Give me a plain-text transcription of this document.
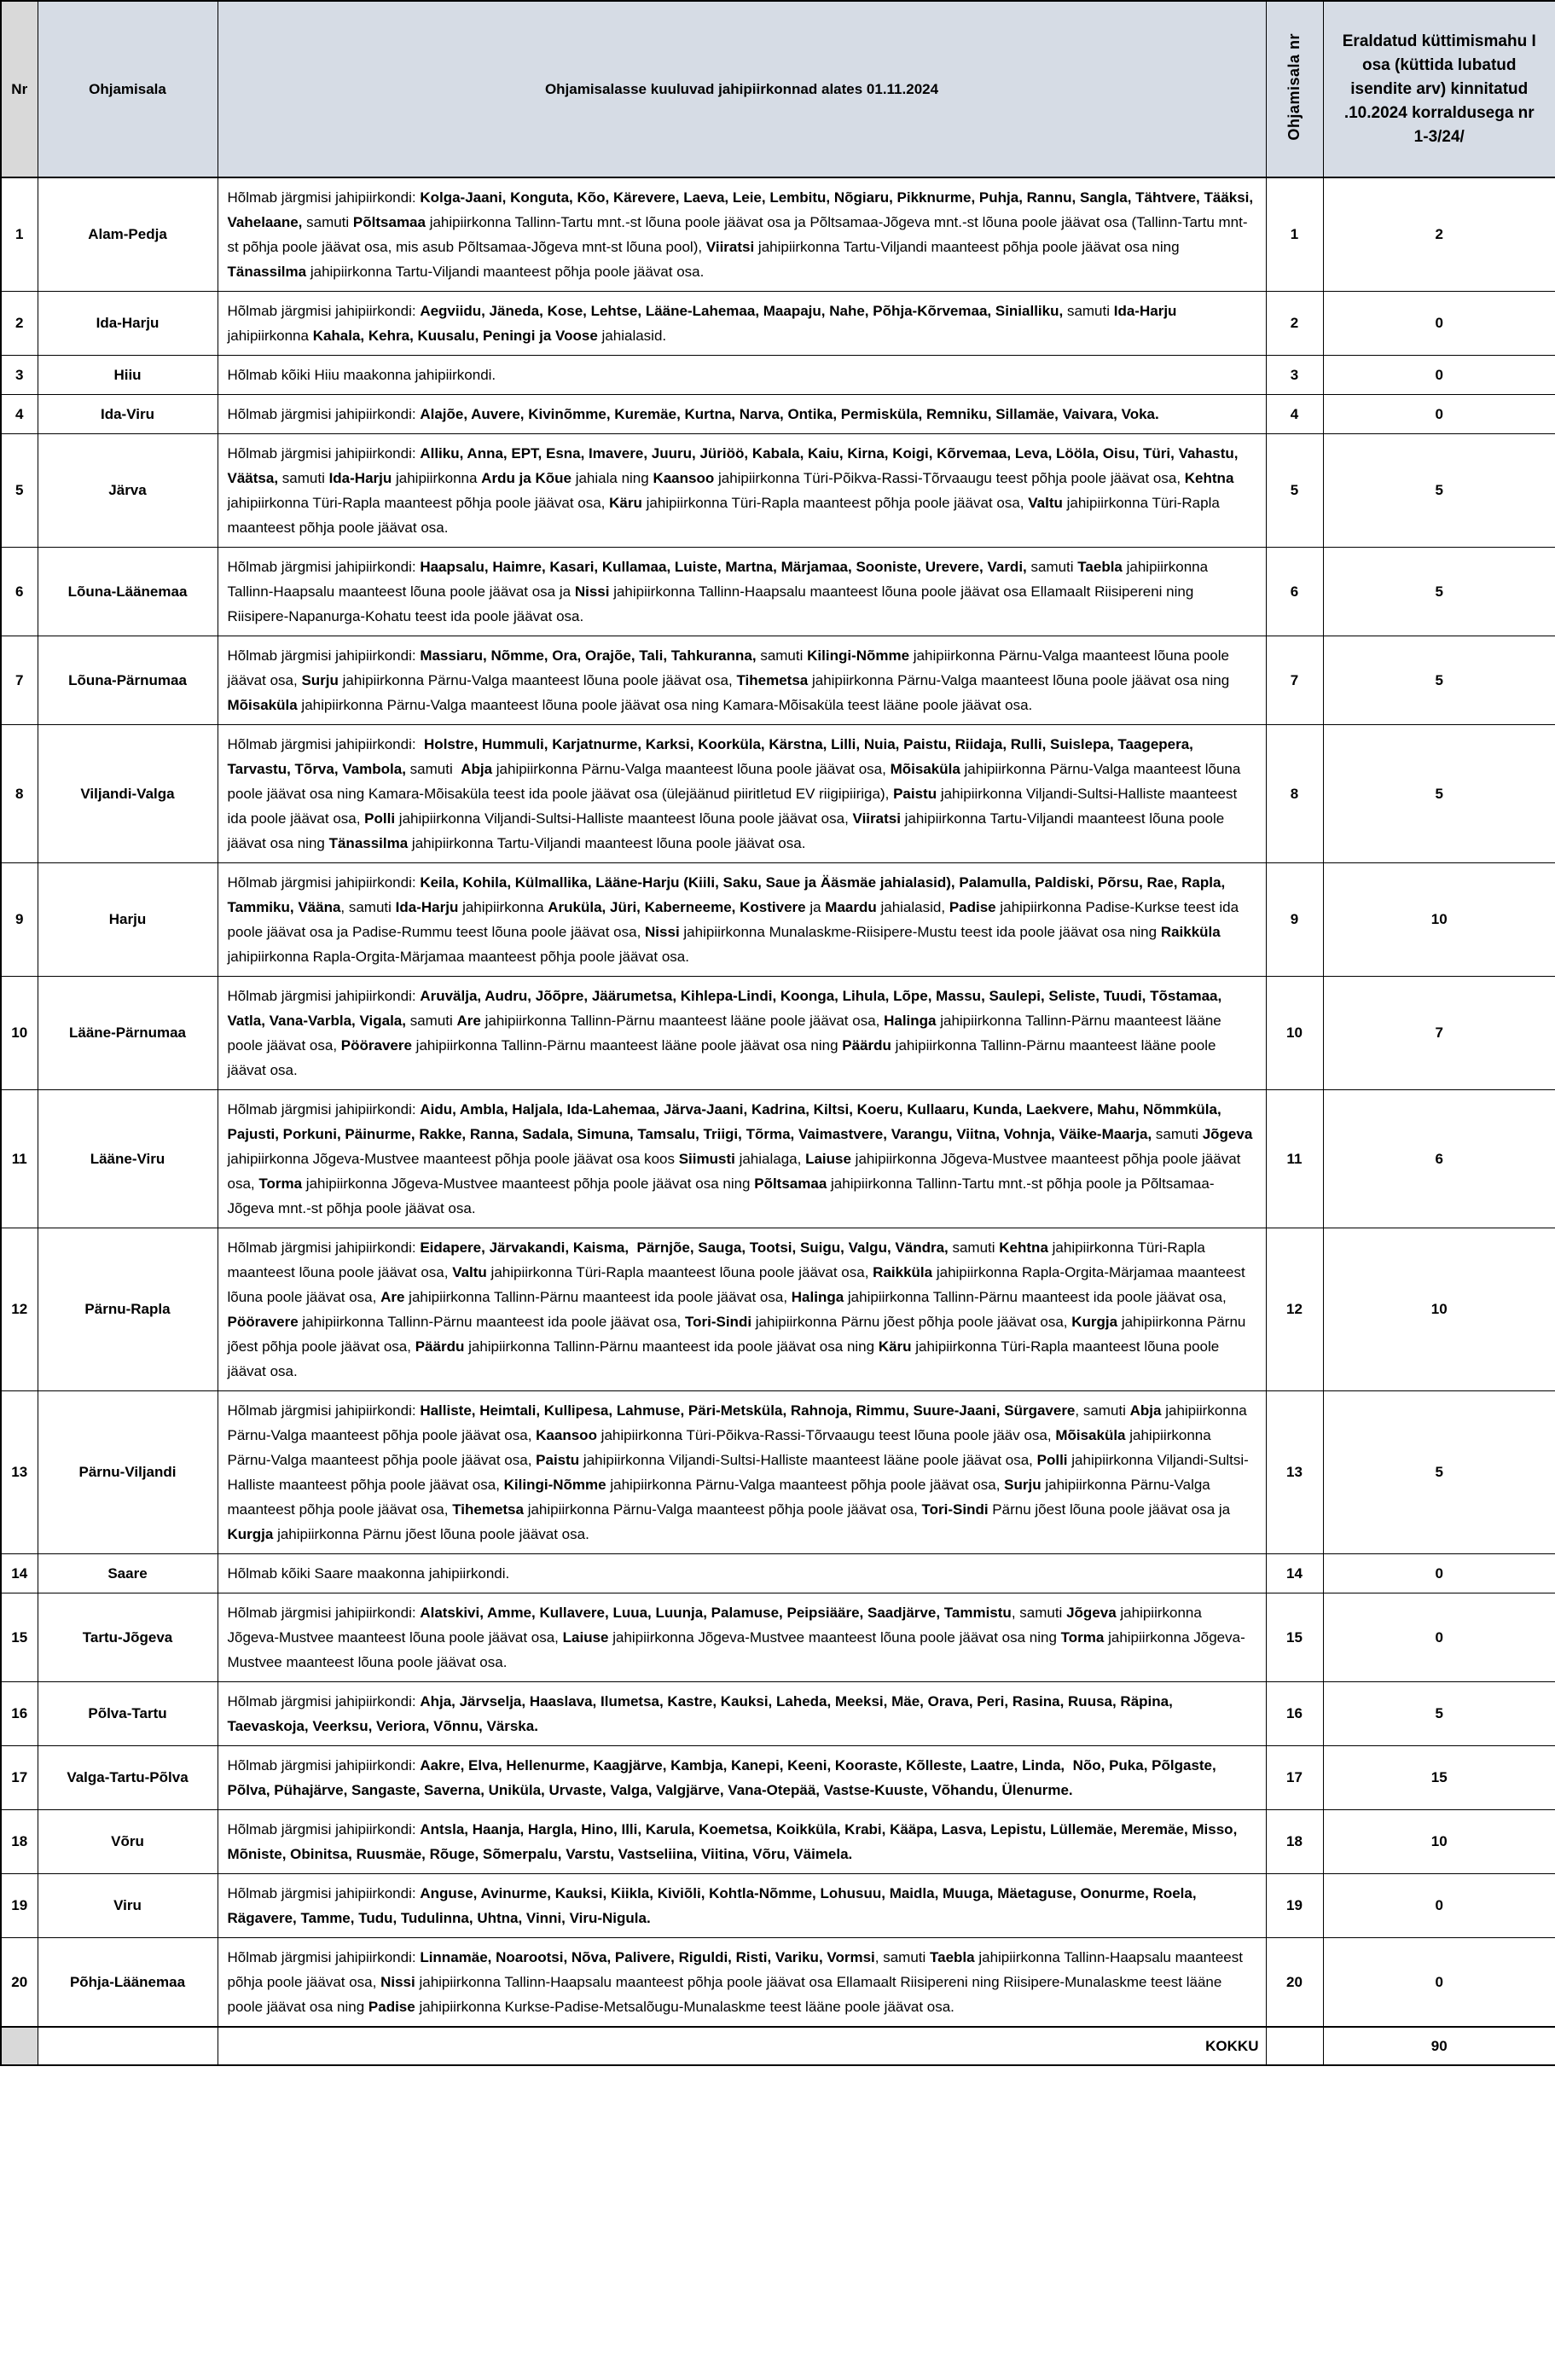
Nr	Ohjamisala	Ohjamisalasse kuuluvad jahipiirkonnad alates 01.11.2024	Ohjamisala nr	Eraldatud küttimismahu I osa (küttida lubatud isendite arv) kinnitatud .10.2024 korraldusega nr 1-3/24/
1	Alam-Pedja	Hõlmab järgmisi jahipiirkondi: Kolga-Jaani, Konguta, Kõo, Kärevere, Laeva, Leie, Lembitu, Nõgiaru, Pikknurme, Puhja, Rannu, Sangla, Tähtvere, Tääksi, Vahelaane, samuti Põltsamaa jahipiirkonna Tallinn-Tartu mnt.-st lõuna poole jäävat osa ja Põltsamaa-Jõgeva mnt.-st lõuna poole jäävat osa (Tallinn-Tartu mnt-st põhja poole jäävat osa, mis asub Põltsamaa-Jõgeva mnt-st lõuna pool), Viiratsi jahipiirkonna Tartu-Viljandi maanteest põhja poole jäävat osa ning Tänassilma jahipiirkonna Tartu-Viljandi maanteest põhja poole jäävat osa.	1	2
2	Ida-Harju	Hõlmab järgmisi jahipiirkondi: Aegviidu, Jäneda, Kose, Lehtse, Lääne-Lahemaa, Maapaju, Nahe, Põhja-Kõrvemaa, Sinialliku, samuti Ida-Harju jahipiirkonna Kahala, Kehra, Kuusalu, Peningi ja Voose jahialasid.	2	0
3	Hiiu	Hõlmab kõiki Hiiu maakonna jahipiirkondi.	3	0
4	Ida-Viru	Hõlmab järgmisi jahipiirkondi: Alajõe, Auvere, Kivinõmme, Kuremäe, Kurtna, Narva, Ontika, Permisküla, Remniku, Sillamäe, Vaivara, Voka.	4	0
5	Järva	Hõlmab järgmisi jahipiirkondi: Alliku, Anna, EPT, Esna, Imavere, Juuru, Jüriöö, Kabala, Kaiu, Kirna, Koigi, Kõrvemaa, Leva, Lööla, Oisu, Türi, Vahastu, Väätsa, samuti Ida-Harju jahipiirkonna Ardu ja Kõue jahiala ning Kaansoo jahipiirkonna Türi-Põikva-Rassi-Tõrvaaugu teest põhja poole jäävat osa, Kehtna jahipiirkonna Türi-Rapla maanteest põhja poole jäävat osa, Käru jahipiirkonna Türi-Rapla maanteest põhja poole jäävat osa, Valtu jahipiirkonna Türi-Rapla maanteest põhja poole jäävat osa.	5	5
6	Lõuna-Läänemaa	Hõlmab järgmisi jahipiirkondi: Haapsalu, Haimre, Kasari, Kullamaa, Luiste, Martna, Märjamaa, Sooniste, Urevere, Vardi, samuti Taebla jahipiirkonna Tallinn-Haapsalu maanteest lõuna poole jäävat osa ja Nissi jahipiirkonna Tallinn-Haapsalu maanteest lõuna poole jäävat osa Ellamaalt Riisipereni ning Riisipere-Napanurga-Kohatu teest ida poole jäävat osa.	6	5
7	Lõuna-Pärnumaa	Hõlmab järgmisi jahipiirkondi: Massiaru, Nõmme, Ora, Orajõe, Tali, Tahkuranna, samuti Kilingi-Nõmme jahipiirkonna Pärnu-Valga maanteest lõuna poole jäävat osa, Surju jahipiirkonna Pärnu-Valga maanteest lõuna poole jäävat osa, Tihemetsa jahipiirkonna Pärnu-Valga maanteest lõuna poole jäävat osa ning Mõisaküla jahipiirkonna Pärnu-Valga maanteest lõuna poole jäävat osa ning Kamara-Mõisaküla teest lääne poole jäävat osa.	7	5
8	Viljandi-Valga	Hõlmab järgmisi jahipiirkondi:  Holstre, Hummuli, Karjatnurme, Karksi, Koorküla, Kärstna, Lilli, Nuia, Paistu, Riidaja, Rulli, Suislepa, Taagepera, Tarvastu, Tõrva, Vambola, samuti  Abja jahipiirkonna Pärnu-Valga maanteest lõuna poole jäävat osa, Mõisaküla jahipiirkonna Pärnu-Valga maanteest lõuna poole jäävat osa ning Kamara-Mõisaküla teest ida poole jäävat osa (ülejäänud piiritletud EV riigipiiriga), Paistu jahipiirkonna Viljandi-Sultsi-Halliste maanteest ida poole jäävat osa, Polli jahipiirkonna Viljandi-Sultsi-Halliste maanteest lõuna poole jäävat osa, Viiratsi jahipiirkonna Tartu-Viljandi maanteest lõuna poole jäävat osa ning Tänassilma jahipiirkonna Tartu-Viljandi maanteest lõuna poole jäävat osa.	8	5
9	Harju	Hõlmab järgmisi jahipiirkondi: Keila, Kohila, Külmallika, Lääne-Harju (Kiili, Saku, Saue ja Ääsmäe jahialasid), Palamulla, Paldiski, Põrsu, Rae, Rapla, Tammiku, Vääna, samuti Ida-Harju jahipiirkonna Aruküla, Jüri, Kaberneeme, Kostivere ja Maardu jahialasid, Padise jahipiirkonna Padise-Kurkse teest ida poole jäävat osa ja Padise-Rummu teest lõuna poole jäävat osa, Nissi jahipiirkonna Munalaskme-Riisipere-Mustu teest ida poole jäävat osa ning Raikküla jahipiirkonna Rapla-Orgita-Märjamaa maanteest põhja poole jäävat osa.	9	10
10	Lääne-Pärnumaa	Hõlmab järgmisi jahipiirkondi: Aruvälja, Audru, Jõõpre, Jäärumetsa, Kihlepa-Lindi, Koonga, Lihula, Lõpe, Massu, Saulepi, Seliste, Tuudi, Tõstamaa, Vatla, Vana-Varbla, Vigala, samuti Are jahipiirkonna Tallinn-Pärnu maanteest lääne poole jäävat osa, Halinga jahipiirkonna Tallinn-Pärnu maanteest lääne poole jäävat osa, Pööravere jahipiirkonna Tallinn-Pärnu maanteest lääne poole jäävat osa ning Päärdu jahipiirkonna Tallinn-Pärnu maanteest lääne poole jäävat osa.	10	7
11	Lääne-Viru	Hõlmab järgmisi jahipiirkondi: Aidu, Ambla, Haljala, Ida-Lahemaa, Järva-Jaani, Kadrina, Kiltsi, Koeru, Kullaaru, Kunda, Laekvere, Mahu, Nõmmküla, Pajusti, Porkuni, Päinurme, Rakke, Ranna, Sadala, Simuna, Tamsalu, Triigi, Tõrma, Vaimastvere, Varangu, Viitna, Vohnja, Väike-Maarja, samuti Jõgeva jahipiirkonna Jõgeva-Mustvee maanteest põhja poole jäävat osa koos Siimusti jahialaga, Laiuse jahipiirkonna Jõgeva-Mustvee maanteest põhja poole jäävat osa, Torma jahipiirkonna Jõgeva-Mustvee maanteest põhja poole jäävat osa ning Põltsamaa jahipiirkonna Tallinn-Tartu mnt.-st põhja poole ja Põltsamaa-Jõgeva mnt.-st põhja poole jäävat osa.	11	6
12	Pärnu-Rapla	Hõlmab järgmisi jahipiirkondi: Eidapere, Järvakandi, Kaisma,  Pärnjõe, Sauga, Tootsi, Suigu, Valgu, Vändra, samuti Kehtna jahipiirkonna Türi-Rapla maanteest lõuna poole jäävat osa, Valtu jahipiirkonna Türi-Rapla maanteest lõuna poole jäävat osa, Raikküla jahipiirkonna Rapla-Orgita-Märjamaa maanteest lõuna poole jäävat osa, Are jahipiirkonna Tallinn-Pärnu maanteest ida poole jäävat osa, Halinga jahipiirkonna Tallinn-Pärnu maanteest ida poole jäävat osa, Pööravere jahipiirkonna Tallinn-Pärnu maanteest ida poole jäävat osa, Tori-Sindi jahipiirkonna Pärnu jõest põhja poole jäävat osa, Kurgja jahipiirkonna Pärnu jõest põhja poole jäävat osa, Päärdu jahipiirkonna Tallinn-Pärnu maanteest ida poole jäävat osa ning Käru jahipiirkonna Türi-Rapla maanteest lõuna poole jäävat osa.	12	10
13	Pärnu-Viljandi	Hõlmab järgmisi jahipiirkondi: Halliste, Heimtali, Kullipesa, Lahmuse, Päri-Metsküla, Rahnoja, Rimmu, Suure-Jaani, Sürgavere, samuti Abja jahipiirkonna Pärnu-Valga maanteest põhja poole jäävat osa, Kaansoo jahipiirkonna Türi-Põikva-Rassi-Tõrvaaugu teest lõuna poole jääv osa, Mõisaküla jahipiirkonna Pärnu-Valga maanteest põhja poole jäävat osa, Paistu jahipiirkonna Viljandi-Sultsi-Halliste maanteest lääne poole jäävat osa, Polli jahipiirkonna Viljandi-Sultsi-Halliste maanteest põhja poole jäävat osa, Kilingi-Nõmme jahipiirkonna Pärnu-Valga maanteest põhja poole jäävat osa, Surju jahipiirkonna Pärnu-Valga maanteest põhja poole jäävat osa, Tihemetsa jahipiirkonna Pärnu-Valga maanteest põhja poole jäävat osa, Tori-Sindi Pärnu jõest lõuna poole jäävat osa ja Kurgja jahipiirkonna Pärnu jõest lõuna poole jäävat osa.	13	5
14	Saare	Hõlmab kõiki Saare maakonna jahipiirkondi.	14	0
15	Tartu-Jõgeva	Hõlmab järgmisi jahipiirkondi: Alatskivi, Amme, Kullavere, Luua, Luunja, Palamuse, Peipsiääre, Saadjärve, Tammistu, samuti Jõgeva jahipiirkonna Jõgeva-Mustvee maanteest lõuna poole jäävat osa, Laiuse jahipiirkonna Jõgeva-Mustvee maanteest lõuna poole jäävat osa ning Torma jahipiirkonna Jõgeva-Mustvee maanteest lõuna poole jäävat osa.	15	0
16	Põlva-Tartu	Hõlmab järgmisi jahipiirkondi: Ahja, Järvselja, Haaslava, Ilumetsa, Kastre, Kauksi, Laheda, Meeksi, Mäe, Orava, Peri, Rasina, Ruusa, Räpina, Taevaskoja, Veerksu, Veriora, Võnnu, Värska.	16	5
17	Valga-Tartu-Põlva	Hõlmab järgmisi jahipiirkondi: Aakre, Elva, Hellenurme, Kaagjärve, Kambja, Kanepi, Keeni, Kooraste, Kõlleste, Laatre, Linda,  Nõo, Puka, Põlgaste, Põlva, Pühajärve, Sangaste, Saverna, Uniküla, Urvaste, Valga, Valgjärve, Vana-Otepää, Vastse-Kuuste, Võhandu, Ülenurme.	17	15
18	Võru	Hõlmab järgmisi jahipiirkondi: Antsla, Haanja, Hargla, Hino, Illi, Karula, Koemetsa, Koikküla, Krabi, Kääpa, Lasva, Lepistu, Lüllemäe, Meremäe, Misso, Mõniste, Obinitsa, Ruusmäe, Rõuge, Sõmerpalu, Varstu, Vastseliina, Viitina, Võru, Väimela.	18	10
19	Viru	Hõlmab järgmisi jahipiirkondi: Anguse, Avinurme, Kauksi, Kiikla, Kiviõli, Kohtla-Nõmme, Lohusuu, Maidla, Muuga, Mäetaguse, Oonurme, Roela, Rägavere, Tamme, Tudu, Tudulinna, Uhtna, Vinni, Viru-Nigula.	19	0
20	Põhja-Läänemaa	Hõlmab järgmisi jahipiirkondi: Linnamäe, Noarootsi, Nõva, Palivere, Riguldi, Risti, Variku, Vormsi, samuti Taebla jahipiirkonna Tallinn-Haapsalu maanteest põhja poole jäävat osa, Nissi jahipiirkonna Tallinn-Haapsalu maanteest põhja poole jäävat osa Ellamaalt Riisipereni ning Riisipere-Munalaskme teest lääne poole jäävat osa ning Padise jahipiirkonna Kurkse-Padise-Metsalõugu-Munalaskme teest lääne poole jäävat osa.	20	0
		KOKKU		90
